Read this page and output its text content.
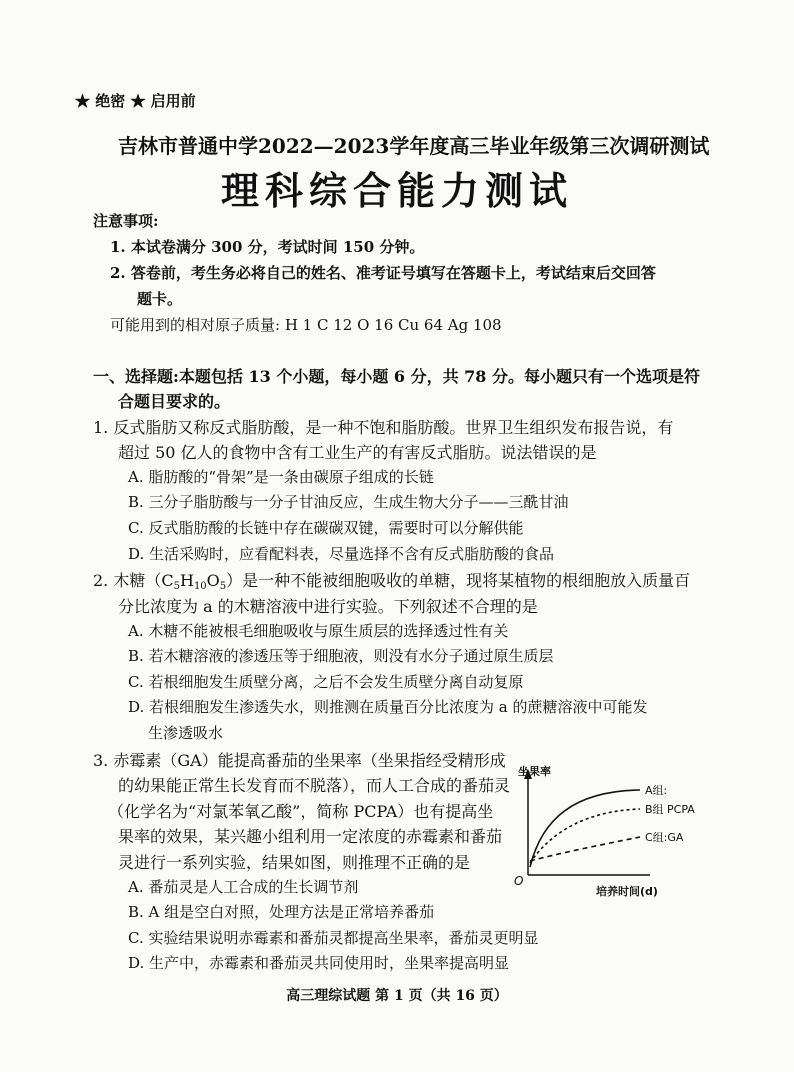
★ 绝密 ★ 启用前
吉林市普通中学2022—2023学年度高三毕业年级第三次调研测试
理科综合能力测试
注意事项:
1. 本试卷满分 300 分，考试时间 150 分钟。
2. 答卷前，考生务必将自己的姓名、准考证号填写在答题卡上，考试结束后交回答
题卡。
可能用到的相对原子质量: H 1 C 12 O 16 Cu 64 Ag 108
一、选择题:本题包括 13 个小题，每小题 6 分，共 78 分。每小题只有一个选项是符
合题目要求的。
1. 反式脂肪又称反式脂肪酸，是一种不饱和脂肪酸。世界卫生组织发布报告说，有
超过 50 亿人的食物中含有工业生产的有害反式脂肪。说法错误的是
A. 脂肪酸的“骨架”是一条由碳原子组成的长链
B. 三分子脂肪酸与一分子甘油反应，生成生物大分子——三酰甘油
C. 反式脂肪酸的长链中存在碳碳双键，需要时可以分解供能
D. 生活采购时，应看配料表，尽量选择不含有反式脂肪酸的食品
2. 木糖$(C_5H_{10}O_5)$是一种不能被细胞吸收的单糖，现将某植物的根细胞放入质量百
分比浓度为 a 的木糖溶液中进行实验。下列叙述不合理的是
A. 木糖不能被根毛细胞吸收与原生质层的选择透过性有关
B. 若木糖溶液的渗透压等于细胞液，则没有水分子通过原生质层
C. 若根细胞发生质壁分离，之后不会发生质壁分离自动复原
D. 若根细胞发生渗透失水，则推测在质量百分比浓度为 a 的蔗糖溶液中可能发
生渗透吸水
3. 赤霉素（GA）能提高番茄的坐果率（坐果指经受精形成
的幼果能正常生长发育而不脱落），而人工合成的番茄灵
（化学名为“对氯苯氧乙酸”，简称 PCPA）也有提高坐
果率的效果，某兴趣小组利用一定浓度的赤霉素和番茄
灵进行一系列实验，结果如图，则推理不正确的是
A. 番茄灵是人工合成的生长调节剂
B. A 组是空白对照，处理方法是正常培养番茄
C. 实验结果说明赤霉素和番茄灵都提高坐果率，番茄灵更明显
D. 生产中，赤霉素和番茄灵共同使用时，坐果率提高明显
坐果率
O
培养时间(d)
A组:
B组 PCPA
C组:GA
高三理综试题 第 1 页（共 16 页）
